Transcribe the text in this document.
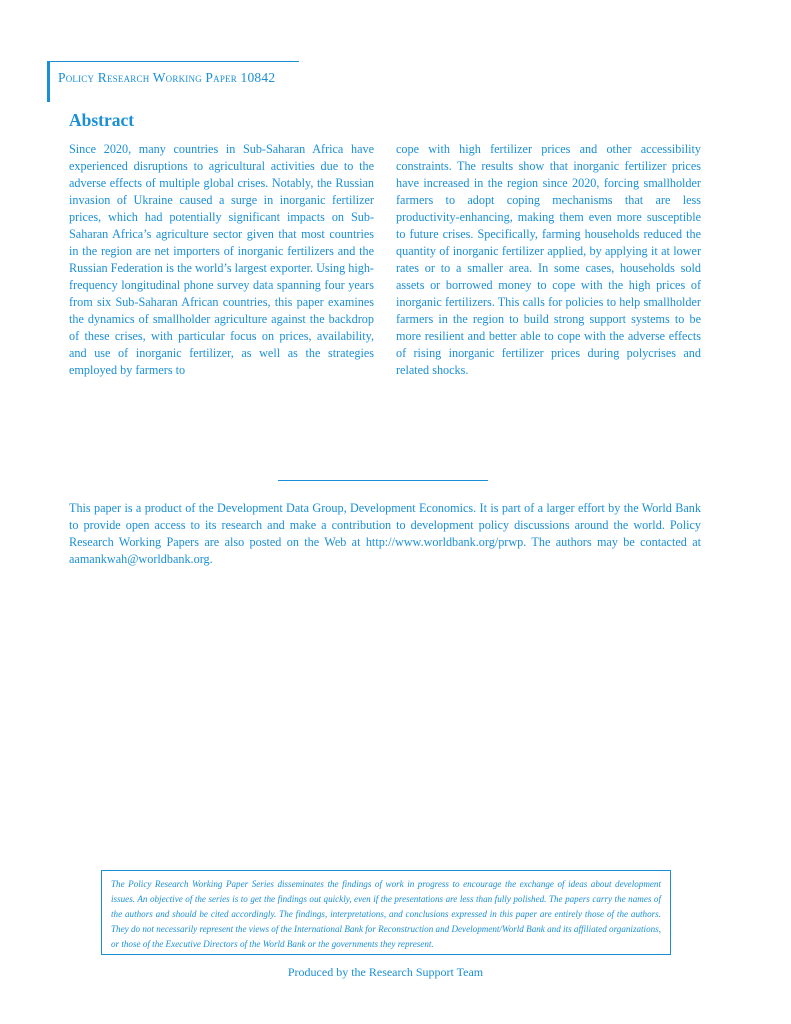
Policy Research Working Paper 10842
Abstract
Since 2020, many countries in Sub-Saharan Africa have experienced disruptions to agricultural activities due to the adverse effects of multiple global crises. Notably, the Russian invasion of Ukraine caused a surge in inorganic fertilizer prices, which had potentially significant impacts on Sub-Saharan Africa’s agriculture sector given that most countries in the region are net importers of inorganic fertilizers and the Russian Federation is the world’s largest exporter. Using high-frequency longitudinal phone survey data spanning four years from six Sub-Saharan African countries, this paper examines the dynamics of smallholder agriculture against the backdrop of these crises, with particular focus on prices, availability, and use of inorganic fertilizer, as well as the strategies employed by farmers to
cope with high fertilizer prices and other accessibility constraints. The results show that inorganic fertilizer prices have increased in the region since 2020, forcing smallholder farmers to adopt coping mechanisms that are less productivity-enhancing, making them even more susceptible to future crises. Specifically, farming households reduced the quantity of inorganic fertilizer applied, by applying it at lower rates or to a smaller area. In some cases, households sold assets or borrowed money to cope with the high prices of inorganic fertilizers. This calls for policies to help smallholder farmers in the region to build strong support systems to be more resilient and better able to cope with the adverse effects of rising inorganic fertilizer prices during polycrises and related shocks.
This paper is a product of the Development Data Group, Development Economics. It is part of a larger effort by the World Bank to provide open access to its research and make a contribution to development policy discussions around the world. Policy Research Working Papers are also posted on the Web at http://www.worldbank.org/prwp. The authors may be contacted at aamankwah@worldbank.org.
The Policy Research Working Paper Series disseminates the findings of work in progress to encourage the exchange of ideas about development issues. An objective of the series is to get the findings out quickly, even if the presentations are less than fully polished. The papers carry the names of the authors and should be cited accordingly. The findings, interpretations, and conclusions expressed in this paper are entirely those of the authors. They do not necessarily represent the views of the International Bank for Reconstruction and Development/World Bank and its affiliated organizations, or those of the Executive Directors of the World Bank or the governments they represent.
Produced by the Research Support Team
